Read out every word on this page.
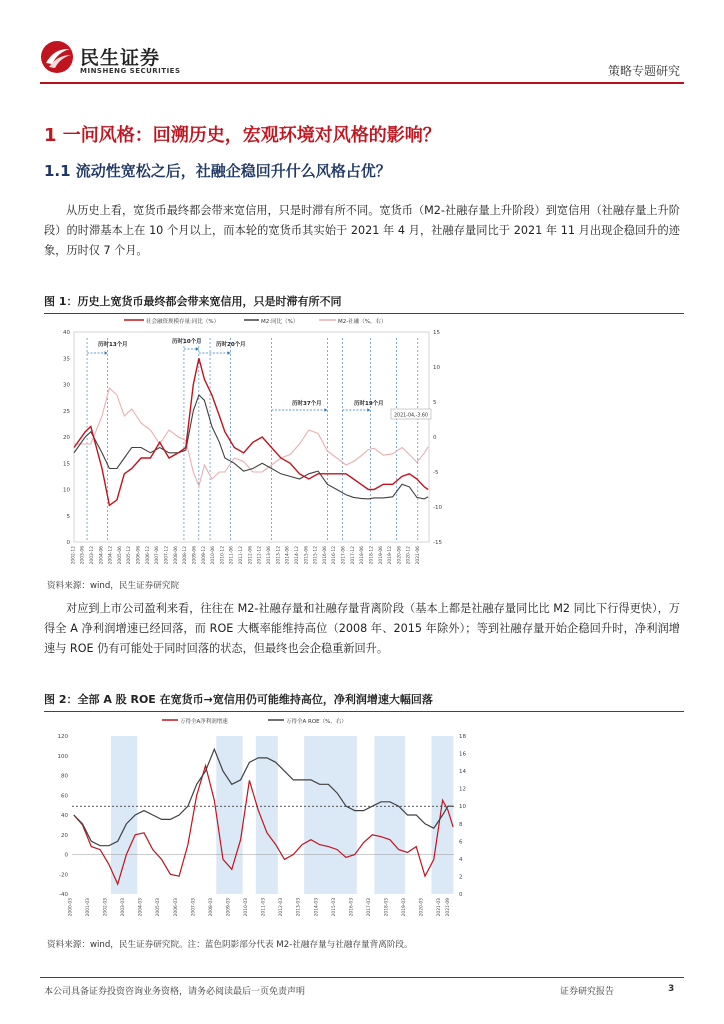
民生证券
MINSHENG SECURITIES	策略专题研究
1 一问风格：回溯历史，宏观环境对风格的影响？
1.1 流动性宽松之后，社融企稳回升什么风格占优？

从历史上看，宽货币最终都会带来宽信用，只是时滞有所不同。宽货币（M2-社融存量上升阶段）到宽信用（社融存量上升阶段）的时滞基本上在 10 个月以上，而本轮的宽货币其实始于 2021 年 4 月，社融存量同比于 2021 年 11 月出现企稳回升的迹象，历时仅 7 个月。

图 1：历史上宽货币最终都会带来宽信用，只是时滞有所不同
社会融资规模存量:同比（%）	M2:同比（%）	M2-社融（%，右）
40
35
30
25
20
15
10
5
0
15
10
5
0
-5
-10
-15
2002-12 2003-06 2003-12 2004-06 2004-12 2005-06 2005-12 2006-06 2006-12 2007-06 2007-12 2008-06 2008-12 2009-06 2009-12 2010-06 2010-12 2011-06 2011-12 2012-06 2012-12 2013-06 2013-12 2014-06 2014-12 2015-06 2015-12 2016-06 2016-12 2017-06 2017-12 2018-06 2018-12 2019-06 2019-12 2020-06 2020-12 2021-06
历时13个月	历时10个月	历时20个月
历时37个月	历时19个月
2021-04,-3.60
资料来源：wind，民生证券研究院

对应到上市公司盈利来看，往往在 M2-社融存量和社融存量背离阶段（基本上都是社融存量同比比 M2 同比下行得更快），万得全 A 净利润增速已经回落，而 ROE 大概率能维持高位（2008 年、2015 年除外）；等到社融存量开始企稳回升时，净利润增速与 ROE 仍有可能处于同时回落的状态，但最终也会企稳重新回升。

图 2：全部 A 股 ROE 在宽货币→宽信用仍可能维持高位，净利润增速大幅回落
万得全A净利润增速	万得全A ROE（%，右）
120
100
80
60
40
20
0
-20
-40
18
16
14
12
10
8
6
4
2
0
2000-03	2001-03	2002-03	2003-03	2004-03	2005-03	2006-03	2007-03	2008-03	2009-03	2010-03	2011-03	2012-03	2013-03	2014-03	2015-03	2016-03	2017-03	2018-03	2019-03	2020-03	2021-03 2021-09
资料来源：wind，民生证券研究院。注：蓝色阴影部分代表 M2-社融存量与社融存量背离阶段。
本公司具备证券投资咨询业务资格，请务必阅读最后一页免责声明	证券研究报告	3
